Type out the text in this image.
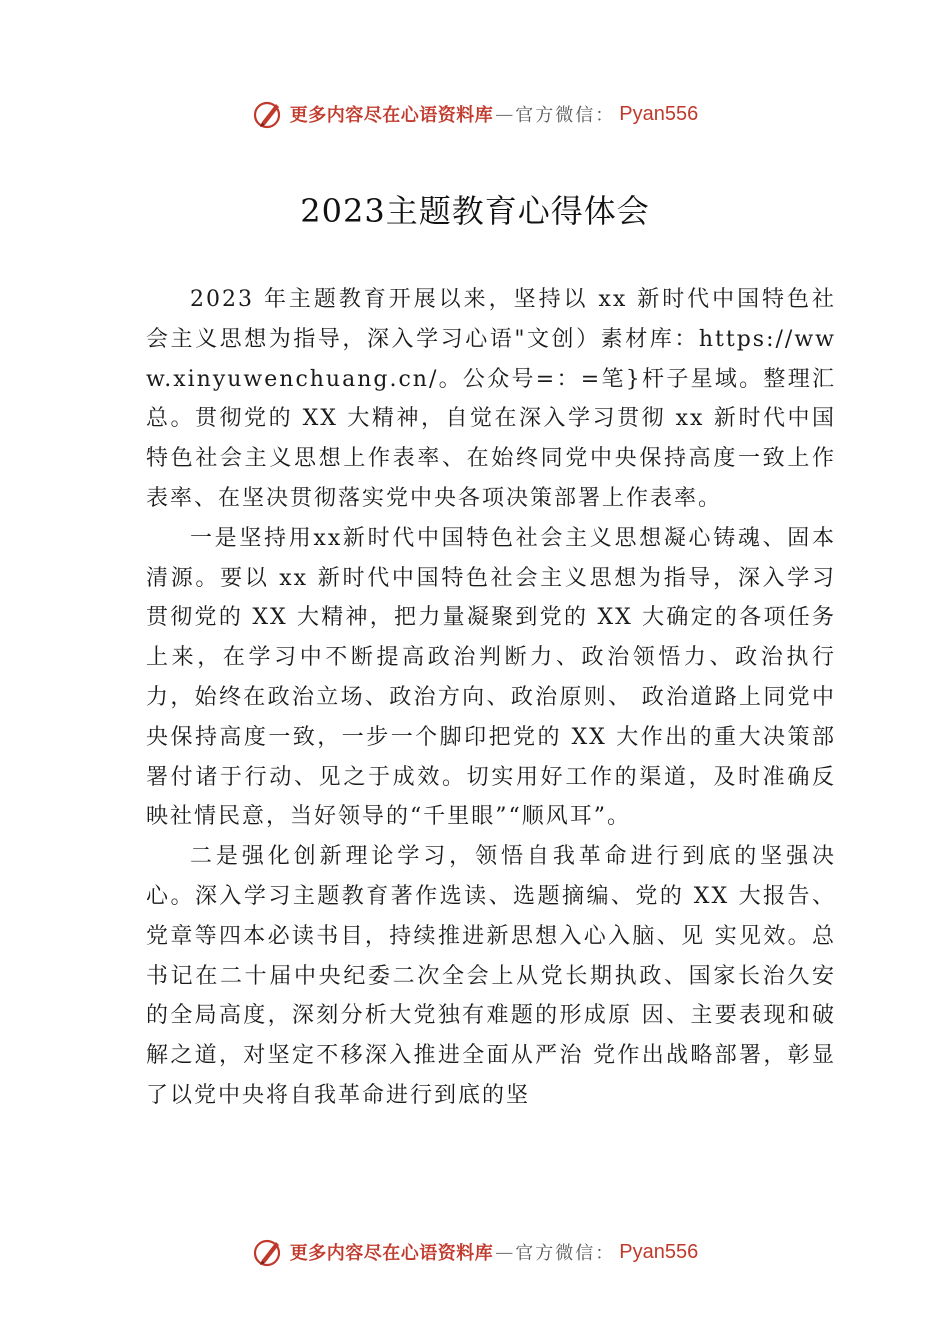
更多内容尽在心语资料库 — 官方微信： Pyan556
2023主题教育心得体会

2023 年主题教育开展以来，坚持以 xx 新时代中国特色社会主义思想为指导，深入学习心语"文创）素材库：https://www.xinyuwenchuang.cn/。公众号=：=笔}杆子星域。整理汇总。贯彻党的 XX 大精神，自觉在深入学习贯彻 xx 新时代中国特色社会主义思想上作表率、在始终同党中央保持高度一致上作表率、在坚决贯彻落实党中央各项决策部署上作表率。

一是坚持用xx新时代中国特色社会主义思想凝心铸魂、固本清源。要以 xx 新时代中国特色社会主义思想为指导，深入学习贯彻党的 XX 大精神，把力量凝聚到党的 XX 大确定的各项任务上来，在学习中不断提高政治判断力、政治领悟力、政治执行力，始终在政治立场、政治方向、政治原则、 政治道路上同党中央保持高度一致，一步一个脚印把党的 XX 大作出的重大决策部署付诸于行动、见之于成效。切实用好工作的渠道，及时准确反映社情民意，当好领导的“千里眼”“顺风耳”。

二是强化创新理论学习，领悟自我革命进行到底的坚强决心。深入学习主题教育著作选读、选题摘编、党的 XX 大报告、党章等四本必读书目，持续推进新思想入心入脑、见 实见效。总书记在二十届中央纪委二次全会上从党长期执政、国家长治久安的全局高度，深刻分析大党独有难题的形成原 因、主要表现和破解之道，对坚定不移深入推进全面从严治 党作出战略部署，彰显了以党中央将自我革命进行到底的坚

更多内容尽在心语资料库 — 官方微信： Pyan556
